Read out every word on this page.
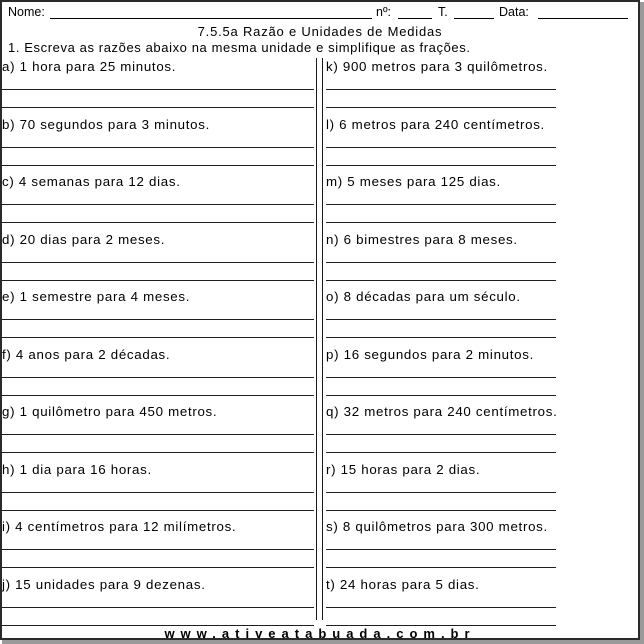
Nome:	nº:	T.	Data:
7.5.5a Razão e Unidades de Medidas
1. Escreva as razões abaixo na mesma unidade e simplifique as frações.
a) 1 hora para 25 minutos.
b) 70 segundos para 3 minutos.
c) 4 semanas para 12 dias.
d) 20 dias para 2 meses.
e) 1 semestre para 4 meses.
f) 4 anos para 2 décadas.
g) 1 quilômetro para 450 metros.
h) 1 dia para 16 horas.
i) 4 centímetros para 12 milímetros.
j) 15 unidades para 9 dezenas.
k) 900 metros para 3 quilômetros.
l) 6 metros para 240 centímetros.
m) 5 meses para 125 dias.
n) 6 bimestres para 8 meses.
o) 8 décadas para um século.
p) 16 segundos para 2 minutos.
q) 32 metros para 240 centímetros.
r) 15 horas para 2 dias.
s) 8 quilômetros para 300 metros.
t) 24 horas para 5 dias.
www.ativeatabuada.com.br
